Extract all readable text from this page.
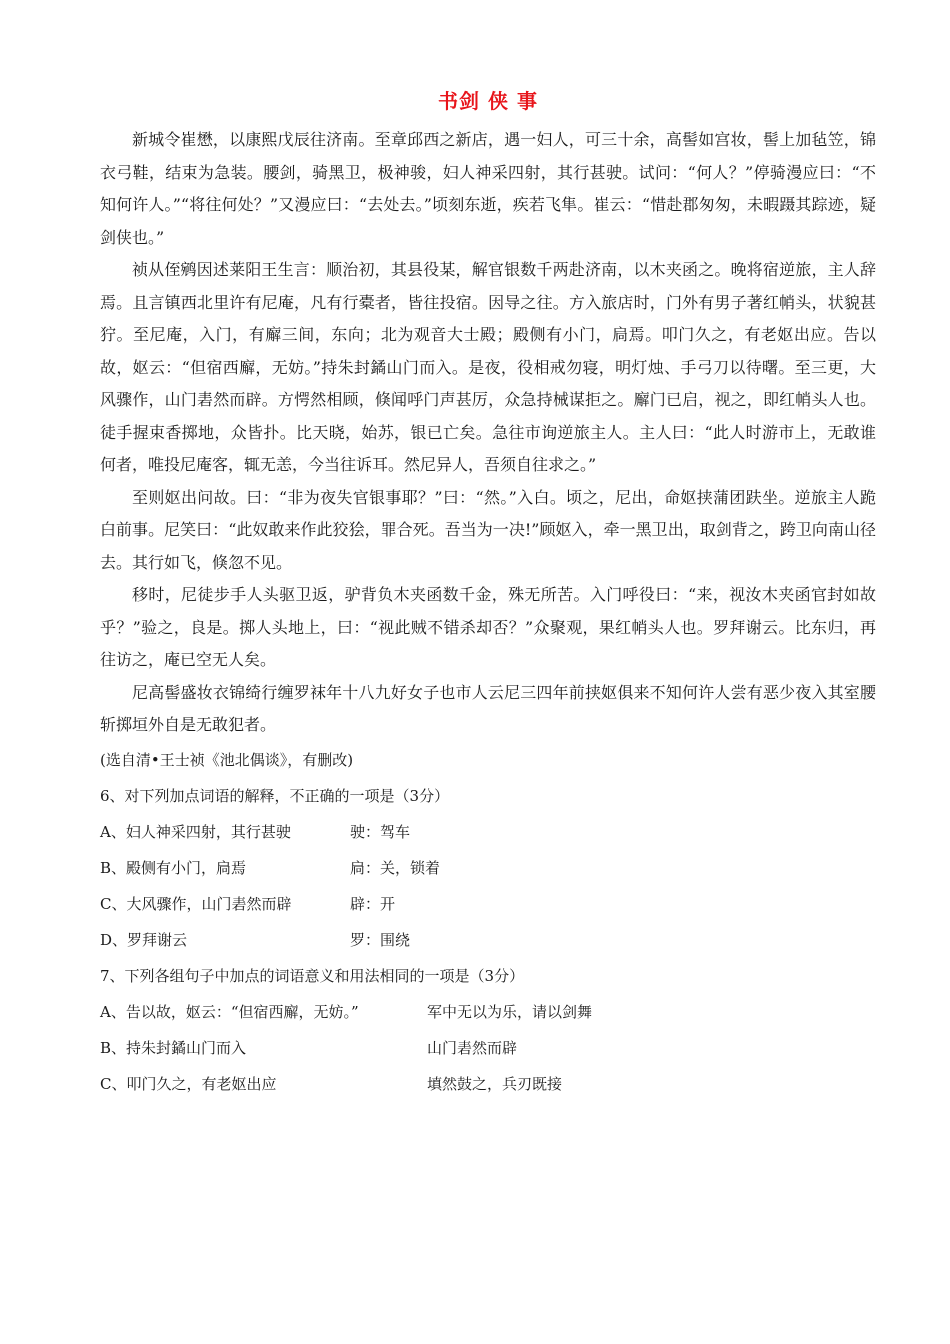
书剑 侠 事

新城令崔懋，以康熙戊辰往济南。至章邱西之新店，遇一妇人，可三十余，高髻如宫妆，髻上加毡笠，锦衣弓鞋，结束为急装。腰剑，骑黑卫，极神骏，妇人神采四射，其行甚驶。试问：“何人？”停骑漫应曰：“不知何许人。”“将往何处？”又漫应曰：“去处去。”顷刻东逝，疾若飞隼。崔云：“惜赴郡匆匆，未暇蹑其踪迹，疑剑侠也。”

祯从侄鹓因述莱阳王生言：顺治初，其县役某，解官银数千两赴济南，以木夹函之。晚将宿逆旅，主人辞焉。且言镇西北里许有尼庵，凡有行橐者，皆往投宿。因导之往。方入旅店时，门外有男子著红帩头，状貌甚狞。至尼庵，入门，有廨三间，东向；北为观音大士殿；殿侧有小门，扃焉。叩门久之，有老妪出应。告以故，妪云：“但宿西廨，无妨。”持朱封鐍山门而入。是夜，役相戒勿寝，明灯烛、手弓刀以待曙。至三更，大风骤作，山门砉然而辟。方愕然相顾，倏闻呼门声甚厉，众急持械谋拒之。廨门已启，视之，即红帩头人也。徒手握束香掷地，众皆扑。比天晓，始苏，银已亡矣。急往市询逆旅主人。主人曰：“此人时游市上，无敢谁何者，唯投尼庵客，辄无恙，今当往诉耳。然尼异人，吾须自往求之。”

至则妪出问故。曰：“非为夜失官银事耶？”曰：“然。”入白。顷之，尼出，命妪挟蒲团趺坐。逆旅主人跪白前事。尼笑曰：“此奴敢来作此狡狯，罪合死。吾当为一决!”顾妪入，牵一黑卫出，取剑背之，跨卫向南山径去。其行如飞，倏忽不见。

移时，尼徒步手人头驱卫返，驴背负木夹函数千金，殊无所苦。入门呼役曰：“来，视汝木夹函官封如故乎？”验之，良是。掷人头地上，曰：“视此贼不错杀却否？”众聚观，果红帩头人也。罗拜谢云。比东归，再往访之，庵已空无人矣。

尼高髻盛妆衣锦绮行缠罗袜年十八九好女子也市人云尼三四年前挟妪俱来不知何许人尝有恶少夜入其室腰斩掷垣外自是无敢犯者。

(选自清•王士祯《池北偶谈》，有删改)

6、对下列加点词语的解释，不正确的一项是（3分）

A、妇人神采四射，其行甚驶	驶：驾车
B、殿侧有小门，扃焉	扃：关，锁着
C、大风骤作，山门砉然而辟	辟：开
D、罗拜谢云	罗：围绕

7、下列各组句子中加点的词语意义和用法相同的一项是（3分）

A、告以故，妪云：“但宿西廨，无妨。”	军中无以为乐，请以剑舞
B、持朱封鐍山门而入	山门砉然而辟
C、叩门久之，有老妪出应	填然鼓之，兵刃既接
